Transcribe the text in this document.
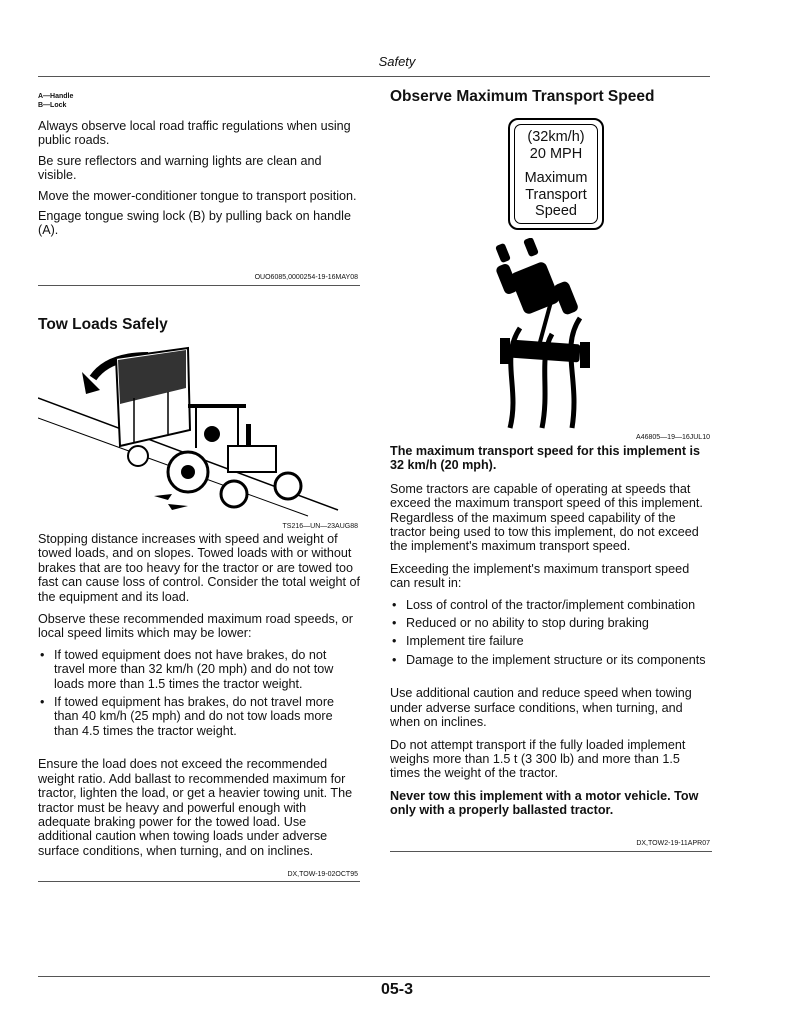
Safety
A—Handle
B—Lock

Always observe local road traffic regulations when using public roads.

Be sure reflectors and warning lights are clean and visible.

Move the mower-conditioner tongue to transport position.

Engage tongue swing lock (B) by pulling back on handle (A).

OUO6085,0000254-19-16MAY08
Tow Loads Safely
TS216—UN—23AUG88

Stopping distance increases with speed and weight of towed loads, and on slopes. Towed loads with or without brakes that are too heavy for the tractor or are towed too fast can cause loss of control. Consider the total weight of the equipment and its load.

Observe these recommended maximum road speeds, or local speed limits which may be lower:

• If towed equipment does not have brakes, do not travel more than 32 km/h (20 mph) and do not tow loads more than 1.5 times the tractor weight.
• If towed equipment has brakes, do not travel more than 40 km/h (25 mph) and do not tow loads more than 4.5 times the tractor weight.

Ensure the load does not exceed the recommended weight ratio. Add ballast to recommended maximum for tractor, lighten the load, or get a heavier towing unit. The tractor must be heavy and powerful enough with adequate braking power for the towed load. Use additional caution when towing loads under adverse surface conditions, when turning, and on inclines.

DX,TOW-19-02OCT95
Observe Maximum Transport Speed
(32km/h)
20 MPH
Maximum
Transport
Speed
A46805—19—16JUL10

The maximum transport speed for this implement is 32 km/h (20 mph).

Some tractors are capable of operating at speeds that exceed the maximum transport speed of this implement. Regardless of the maximum speed capability of the tractor being used to tow this implement, do not exceed the implement's maximum transport speed.

Exceeding the implement's maximum transport speed can result in:

• Loss of control of the tractor/implement combination
• Reduced or no ability to stop during braking
• Implement tire failure
• Damage to the implement structure or its components

Use additional caution and reduce speed when towing under adverse surface conditions, when turning, and when on inclines.

Do not attempt transport if the fully loaded implement weighs more than 1.5 t (3 300 lb) and more than 1.5 times the weight of the tractor.

Never tow this implement with a motor vehicle. Tow only with a properly ballasted tractor.

DX,TOW2-19-11APR07
05-3
